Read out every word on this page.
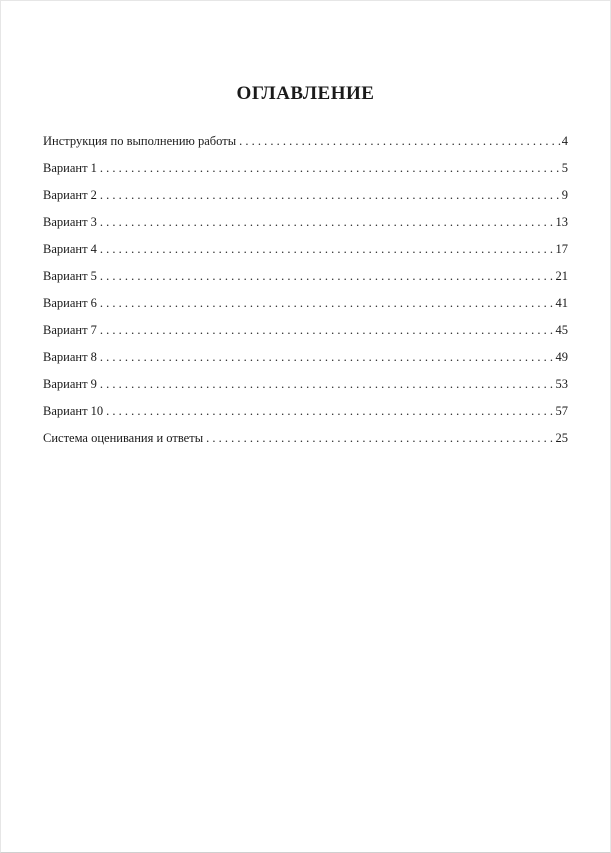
ОГЛАВЛЕНИЕ
Инструкция по выполнению работы . . .	4
Вариант 1 . . .	5
Вариант 2 . . .	9
Вариант 3 . . .	13
Вариант 4 . . .	17
Вариант 5 . . .	21
Вариант 6 . . .	41
Вариант 7 . . .	45
Вариант 8 . . .	49
Вариант 9 . . .	53
Вариант 10 . . .	57
Система оценивания и ответы . . .	25
